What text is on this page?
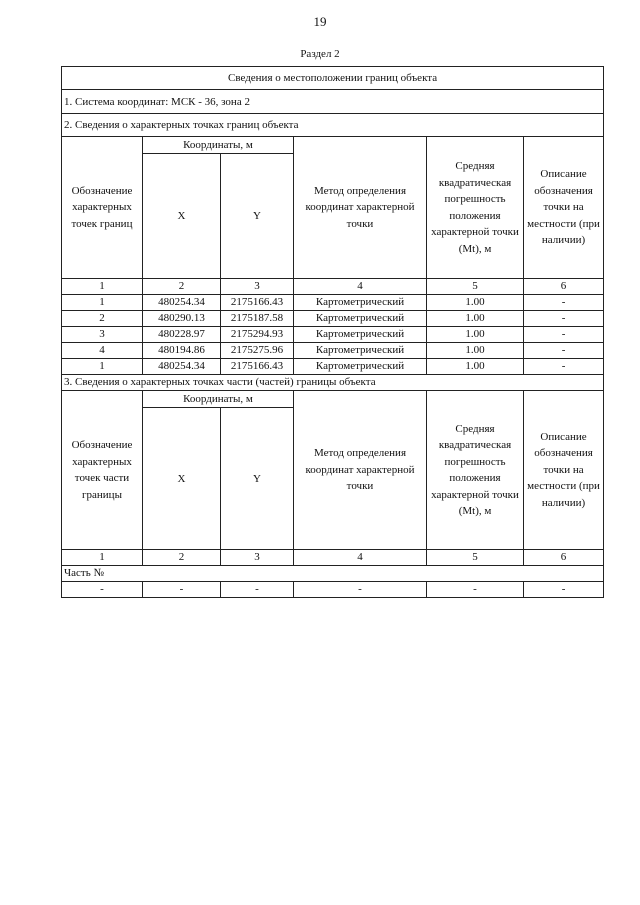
19
Раздел 2
Сведения о местоположении границ объекта					
1. Система координат: МСК - 36, зона 2					
2. Сведения о характерных точках границ объекта					
Обозначение характерных точек границ	Координаты, м		Метод определения координат характерной точки	Средняя квадратическая погрешность положения характерной точки (Mt), м	Описание обозначения точки на местности (при наличии)
	X	Y			
1	2	3	4	5	6
1	480254.34	2175166.43	Картометрический	1.00	-
2	480290.13	2175187.58	Картометрический	1.00	-
3	480228.97	2175294.93	Картометрический	1.00	-
4	480194.86	2175275.96	Картометрический	1.00	-
1	480254.34	2175166.43	Картометрический	1.00	-
3. Сведения о характерных точках части (частей) границы объекта					
Обозначение характерных точек части границы	Координаты, м		Метод определения координат характерной точки	Средняя квадратическая погрешность положения характерной точки (Mt), м	Описание обозначения точки на местности (при наличии)
	X	Y			
1	2	3	4	5	6
Часть №					
-	-	-	-	-	-
